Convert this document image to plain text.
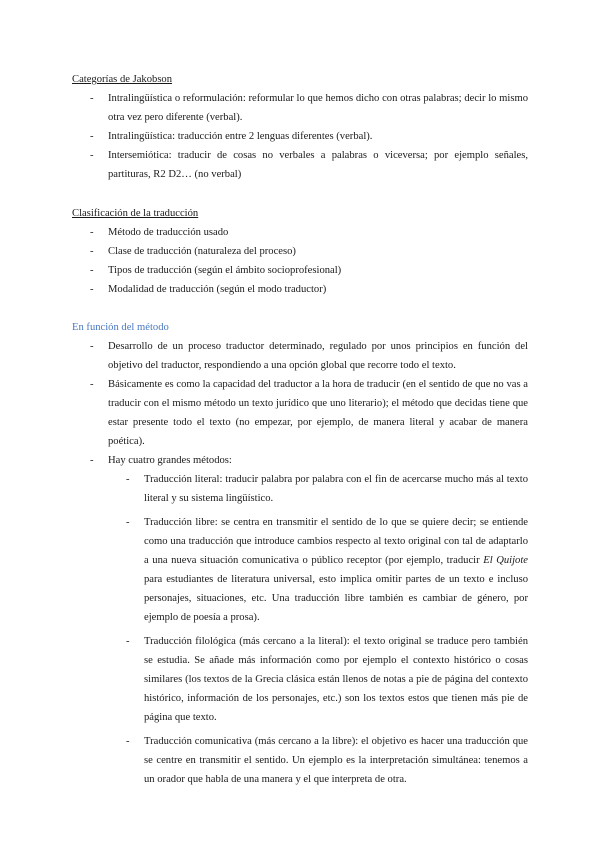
Categorías de Jakobson

- Intralingüística o reformulación: reformular lo que hemos dicho con otras palabras; decir lo mismo otra vez pero diferente (verbal).
- Intralingüística: traducción entre 2 lenguas diferentes (verbal).
- Intersemiótica: traducir de cosas no verbales a palabras o viceversa; por ejemplo señales, partituras, R2 D2… (no verbal)

Clasificación de la traducción

- Método de traducción usado
- Clase de traducción (naturaleza del proceso)
- Tipos de traducción (según el ámbito socioprofesional)
- Modalidad de traducción (según el modo traductor)

En función del método

- Desarrollo de un proceso traductor determinado, regulado por unos principios en función del objetivo del traductor, respondiendo a una opción global que recorre todo el texto.
- Básicamente es como la capacidad del traductor a la hora de traducir (en el sentido de que no vas a traducir con el mismo método un texto jurídico que uno literario); el método que decidas tiene que estar presente todo el texto (no empezar, por ejemplo, de manera literal y acabar de manera poética).
- Hay cuatro grandes métodos:
- Traducción literal: traducir palabra por palabra con el fin de acercarse mucho más al texto literal y su sistema lingüístico.
- Traducción libre: se centra en transmitir el sentido de lo que se quiere decir; se entiende como una traducción que introduce cambios respecto al texto original con tal de adaptarlo a una nueva situación comunicativa o público receptor (por ejemplo, traducir El Quijote para estudiantes de literatura universal, esto implica omitir partes de un texto e incluso personajes, situaciones, etc. Una traducción libre también es cambiar de género, por ejemplo de poesía a prosa).
- Traducción filológica (más cercano a la literal): el texto original se traduce pero también se estudia. Se añade más información como por ejemplo el contexto histórico o cosas similares (los textos de la Grecia clásica están llenos de notas a pie de página del contexto histórico, información de los personajes, etc.) son los textos estos que tienen más pie de página que texto.
- Traducción comunicativa (más cercano a la libre): el objetivo es hacer una traducción que se centre en transmitir el sentido. Un ejemplo es la interpretación simultánea: tenemos a un orador que habla de una manera y el que interpreta de otra.
